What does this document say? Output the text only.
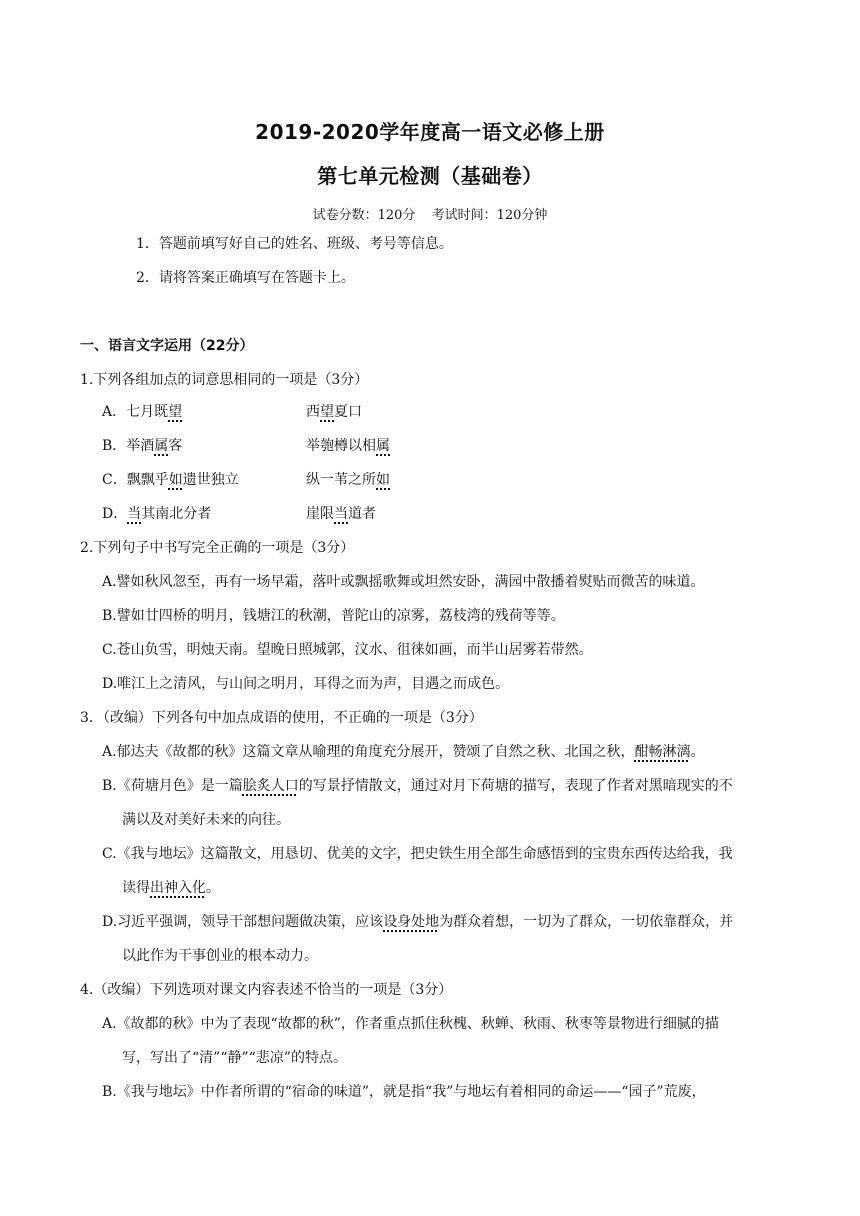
2019-2020学年度高一语文必修上册
第七单元检测（基础卷）
试卷分数：120分 考试时间：120分钟
1．答题前填写好自己的姓名、班级、考号等信息。
2．请将答案正确填写在答题卡上。
一、语言文字运用（22分）
1.下列各组加点的词意思相同的一项是（3分）
A．七月既望	西望夏口
B．举酒属客	举匏樽以相属
C．飘飘乎如遗世独立	纵一苇之所如
D．当其南北分者	崖限当道者
2.下列句子中书写完全正确的一项是（3分）
A.譬如秋风忽至，再有一场早霜，落叶或飘摇歌舞或坦然安卧，满园中散播着熨贴而微苦的味道。
B.譬如廿四桥的明月，钱塘江的秋潮，普陀山的凉雾，荔枝湾的残荷等等。
C.苍山负雪，明烛天南。望晚日照城郭，汶水、徂徕如画，而半山居雾若带然。
D.唯江上之清风，与山间之明月，耳得之而为声，目遇之而成色。
3．（改编）下列各句中加点成语的使用，不正确的一项是（3分）
A.郁达夫《故都的秋》这篇文章从喻理的角度充分展开，赞颂了自然之秋、北国之秋，酣畅淋漓。
B.《荷塘月色》是一篇脍炙人口的写景抒情散文，通过对月下荷塘的描写，表现了作者对黑暗现实的不
满以及对美好未来的向往。
C.《我与地坛》这篇散文，用恳切、优美的文字，把史铁生用全部生命感悟到的宝贵东西传达给我，我
读得出神入化。
D.习近平强调，领导干部想问题做决策，应该设身处地为群众着想，一切为了群众，一切依靠群众，并
以此作为干事创业的根本动力。
4.（改编）下列选项对课文内容表述不恰当的一项是（3分）
A.《故都的秋》中为了表现“故都的秋”，作者重点抓住秋槐、秋蝉、秋雨、秋枣等景物进行细腻的描
写，写出了“清”“静”“悲凉”的特点。
B.《我与地坛》中作者所谓的“宿命的味道”，就是指“我”与地坛有着相同的命运——“园子”荒废，
